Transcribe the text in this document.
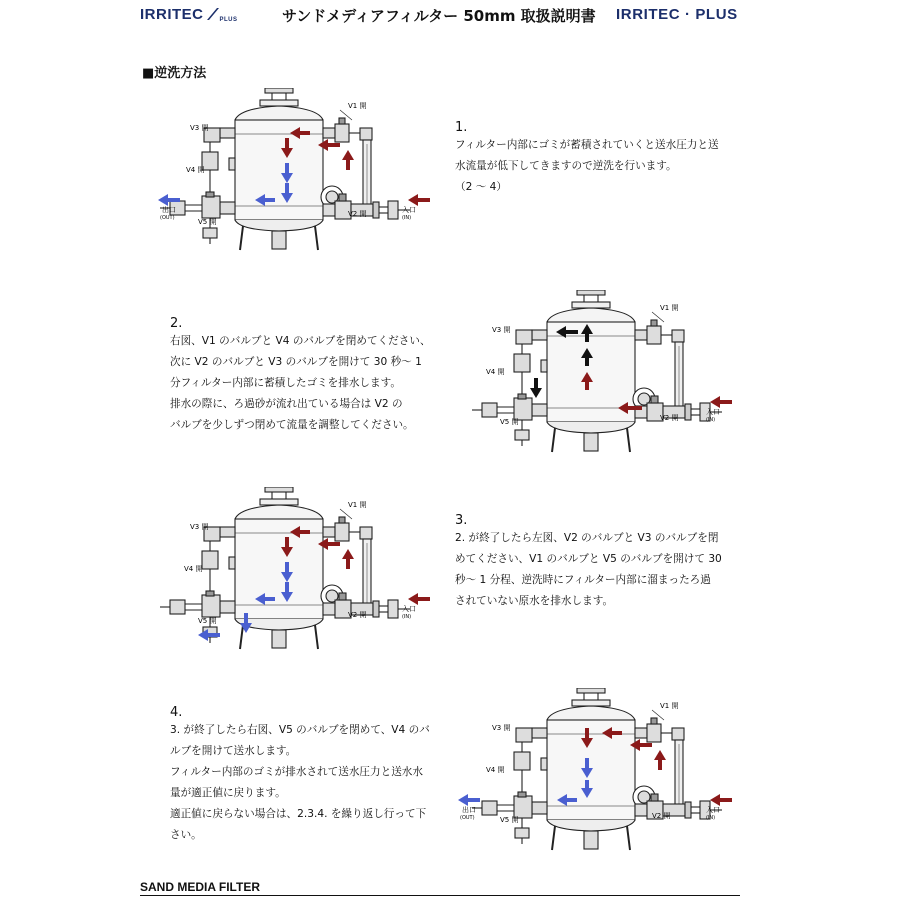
IRRITEC	PLUS	サンドメディアフィルター 50mm 取扱説明書 IRRITEC · PLUS
■逆洗方法
V1 開
V3 開
V4 開
V2 開
V5 開
入口
(IN)
出口
(OUT)
1.
フィルター内部にゴミが蓄積されていくと送水圧力と送
水流量が低下してきますので逆洗を行います。
（2 〜 4）
2.
右図、V1 のバルブと V4 のバルブを閉めてください、
次に V2 のバルブと V3 のバルブを開けて 30 秒〜 1
分フィルター内部に蓄積したゴミを排水します。
排水の際に、ろ過砂が流れ出ている場合は V2 の
バルブを少しずつ閉めて流量を調整してください。
V1 開
V3 開
V4 開
V2 開
V5 開
入口
(IN)
V1 開
V3 開
V4 開
V2 開
V5 開
入口
(IN)
3.
2. が終了したら左図、V2 のバルブと V3 のバルブを閉
めてください、V1 のバルブと V5 のバルブを開けて 30
秒〜 1 分程、逆洗時にフィルター内部に溜まったろ過
されていない原水を排水します。
4.
3. が終了したら右図、V5 のバルブを閉めて、V4 のバ
ルブを開けて送水します。
フィルター内部のゴミが排水されて送水圧力と送水水
量が適正値に戻ります。
適正値に戻らない場合は、2.3.4. を繰り返し行って下
さい。
V1 開
V3 開
V4 開
V2 開
V5 開
入口
(IN)
出口
(OUT)
SAND MEDIA FILTER
